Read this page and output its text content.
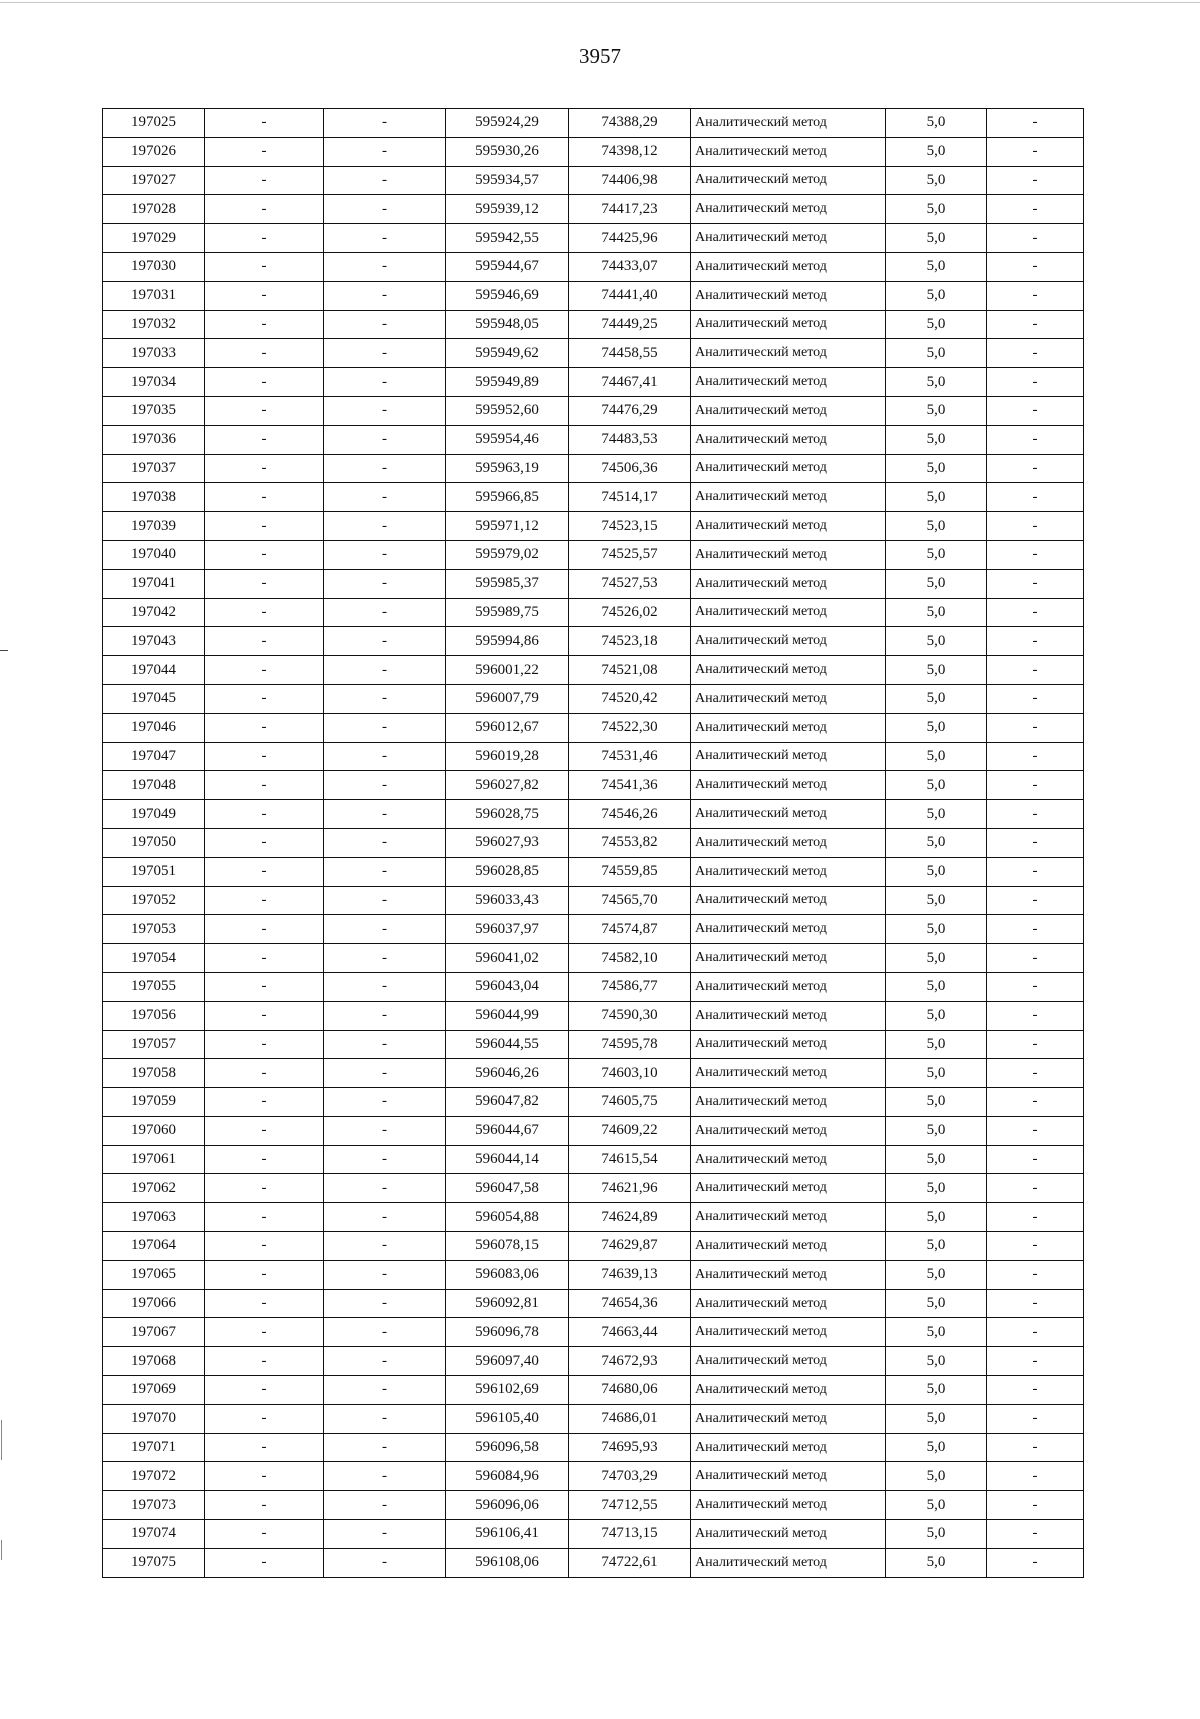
3957
197025	-	-	595924,29	74388,29	Аналитический метод	5,0	-
197026	-	-	595930,26	74398,12	Аналитический метод	5,0	-
197027	-	-	595934,57	74406,98	Аналитический метод	5,0	-
197028	-	-	595939,12	74417,23	Аналитический метод	5,0	-
197029	-	-	595942,55	74425,96	Аналитический метод	5,0	-
197030	-	-	595944,67	74433,07	Аналитический метод	5,0	-
197031	-	-	595946,69	74441,40	Аналитический метод	5,0	-
197032	-	-	595948,05	74449,25	Аналитический метод	5,0	-
197033	-	-	595949,62	74458,55	Аналитический метод	5,0	-
197034	-	-	595949,89	74467,41	Аналитический метод	5,0	-
197035	-	-	595952,60	74476,29	Аналитический метод	5,0	-
197036	-	-	595954,46	74483,53	Аналитический метод	5,0	-
197037	-	-	595963,19	74506,36	Аналитический метод	5,0	-
197038	-	-	595966,85	74514,17	Аналитический метод	5,0	-
197039	-	-	595971,12	74523,15	Аналитический метод	5,0	-
197040	-	-	595979,02	74525,57	Аналитический метод	5,0	-
197041	-	-	595985,37	74527,53	Аналитический метод	5,0	-
197042	-	-	595989,75	74526,02	Аналитический метод	5,0	-
197043	-	-	595994,86	74523,18	Аналитический метод	5,0	-
197044	-	-	596001,22	74521,08	Аналитический метод	5,0	-
197045	-	-	596007,79	74520,42	Аналитический метод	5,0	-
197046	-	-	596012,67	74522,30	Аналитический метод	5,0	-
197047	-	-	596019,28	74531,46	Аналитический метод	5,0	-
197048	-	-	596027,82	74541,36	Аналитический метод	5,0	-
197049	-	-	596028,75	74546,26	Аналитический метод	5,0	-
197050	-	-	596027,93	74553,82	Аналитический метод	5,0	-
197051	-	-	596028,85	74559,85	Аналитический метод	5,0	-
197052	-	-	596033,43	74565,70	Аналитический метод	5,0	-
197053	-	-	596037,97	74574,87	Аналитический метод	5,0	-
197054	-	-	596041,02	74582,10	Аналитический метод	5,0	-
197055	-	-	596043,04	74586,77	Аналитический метод	5,0	-
197056	-	-	596044,99	74590,30	Аналитический метод	5,0	-
197057	-	-	596044,55	74595,78	Аналитический метод	5,0	-
197058	-	-	596046,26	74603,10	Аналитический метод	5,0	-
197059	-	-	596047,82	74605,75	Аналитический метод	5,0	-
197060	-	-	596044,67	74609,22	Аналитический метод	5,0	-
197061	-	-	596044,14	74615,54	Аналитический метод	5,0	-
197062	-	-	596047,58	74621,96	Аналитический метод	5,0	-
197063	-	-	596054,88	74624,89	Аналитический метод	5,0	-
197064	-	-	596078,15	74629,87	Аналитический метод	5,0	-
197065	-	-	596083,06	74639,13	Аналитический метод	5,0	-
197066	-	-	596092,81	74654,36	Аналитический метод	5,0	-
197067	-	-	596096,78	74663,44	Аналитический метод	5,0	-
197068	-	-	596097,40	74672,93	Аналитический метод	5,0	-
197069	-	-	596102,69	74680,06	Аналитический метод	5,0	-
197070	-	-	596105,40	74686,01	Аналитический метод	5,0	-
197071	-	-	596096,58	74695,93	Аналитический метод	5,0	-
197072	-	-	596084,96	74703,29	Аналитический метод	5,0	-
197073	-	-	596096,06	74712,55	Аналитический метод	5,0	-
197074	-	-	596106,41	74713,15	Аналитический метод	5,0	-
197075	-	-	596108,06	74722,61	Аналитический метод	5,0	-
